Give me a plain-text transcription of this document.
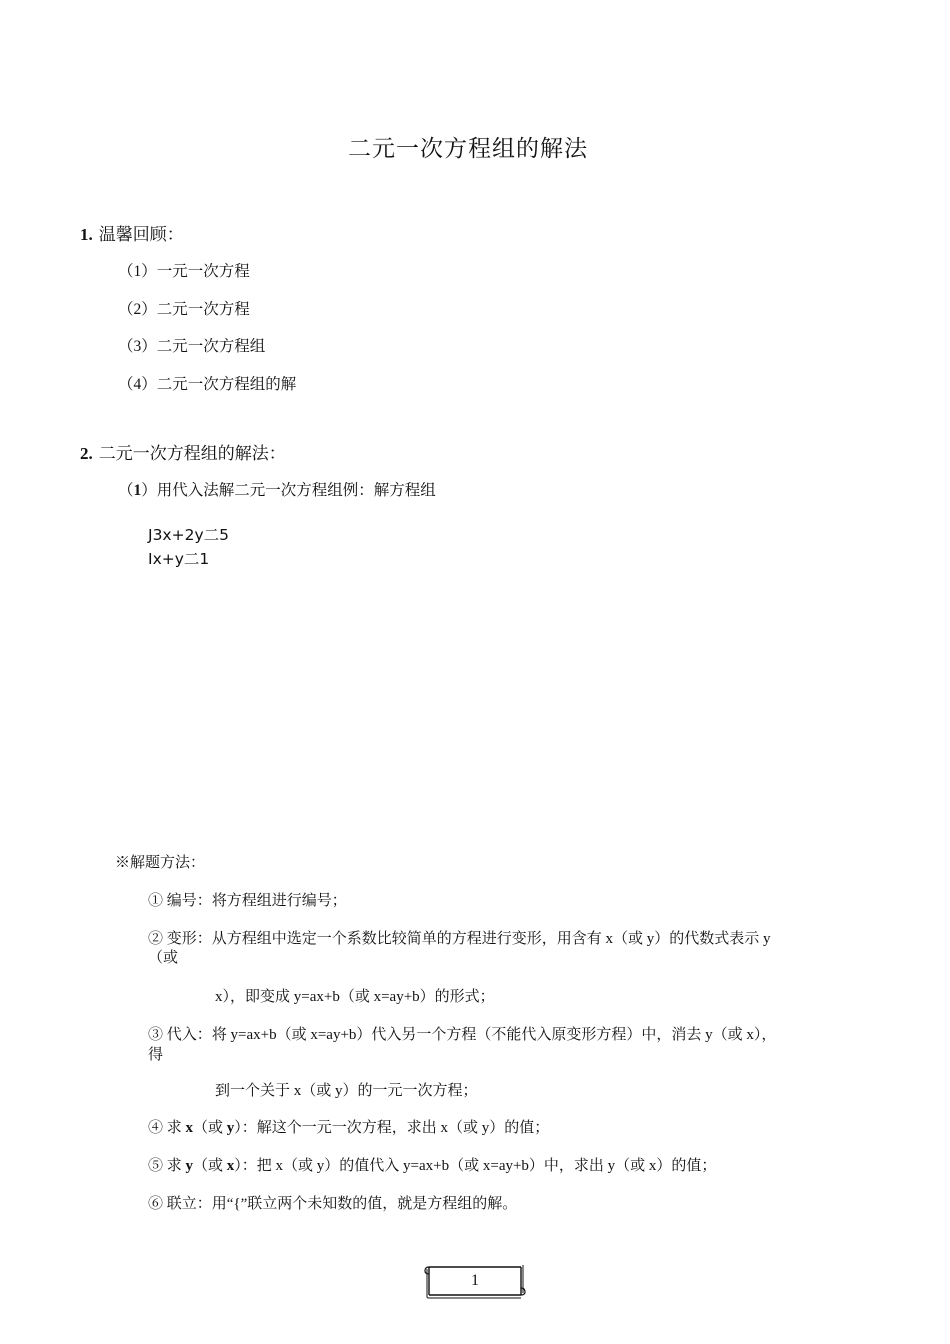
二元一次方程组的解法
1. 温馨回顾：
（1）一元一次方程
（2）二元一次方程
（3）二元一次方程组
（4）二元一次方程组的解
2. 二元一次方程组的解法：
（1）用代入法解二元一次方程组例：解方程组
J3x+2y二5
Ix+y二1
※解题方法：
① 编号：将方程组进行编号；
② 变形：从方程组中选定一个系数比较简单的方程进行变形，用含有 x（或 y）的代数式表示 y
（或
x），即变成 y=ax+b（或 x=ay+b）的形式；
③ 代入：将 y=ax+b（或 x=ay+b）代入另一个方程（不能代入原变形方程）中，消去 y（或 x），
得
到一个关于 x（或 y）的一元一次方程；
④ 求 x（或 y）：解这个一元一次方程，求出 x（或 y）的值；
⑤ 求 y（或 x）：把 x（或 y）的值代入 y=ax+b（或 x=ay+b）中，求出 y（或 x）的值；
⑥ 联立：用“{”联立两个未知数的值，就是方程组的解。
1
